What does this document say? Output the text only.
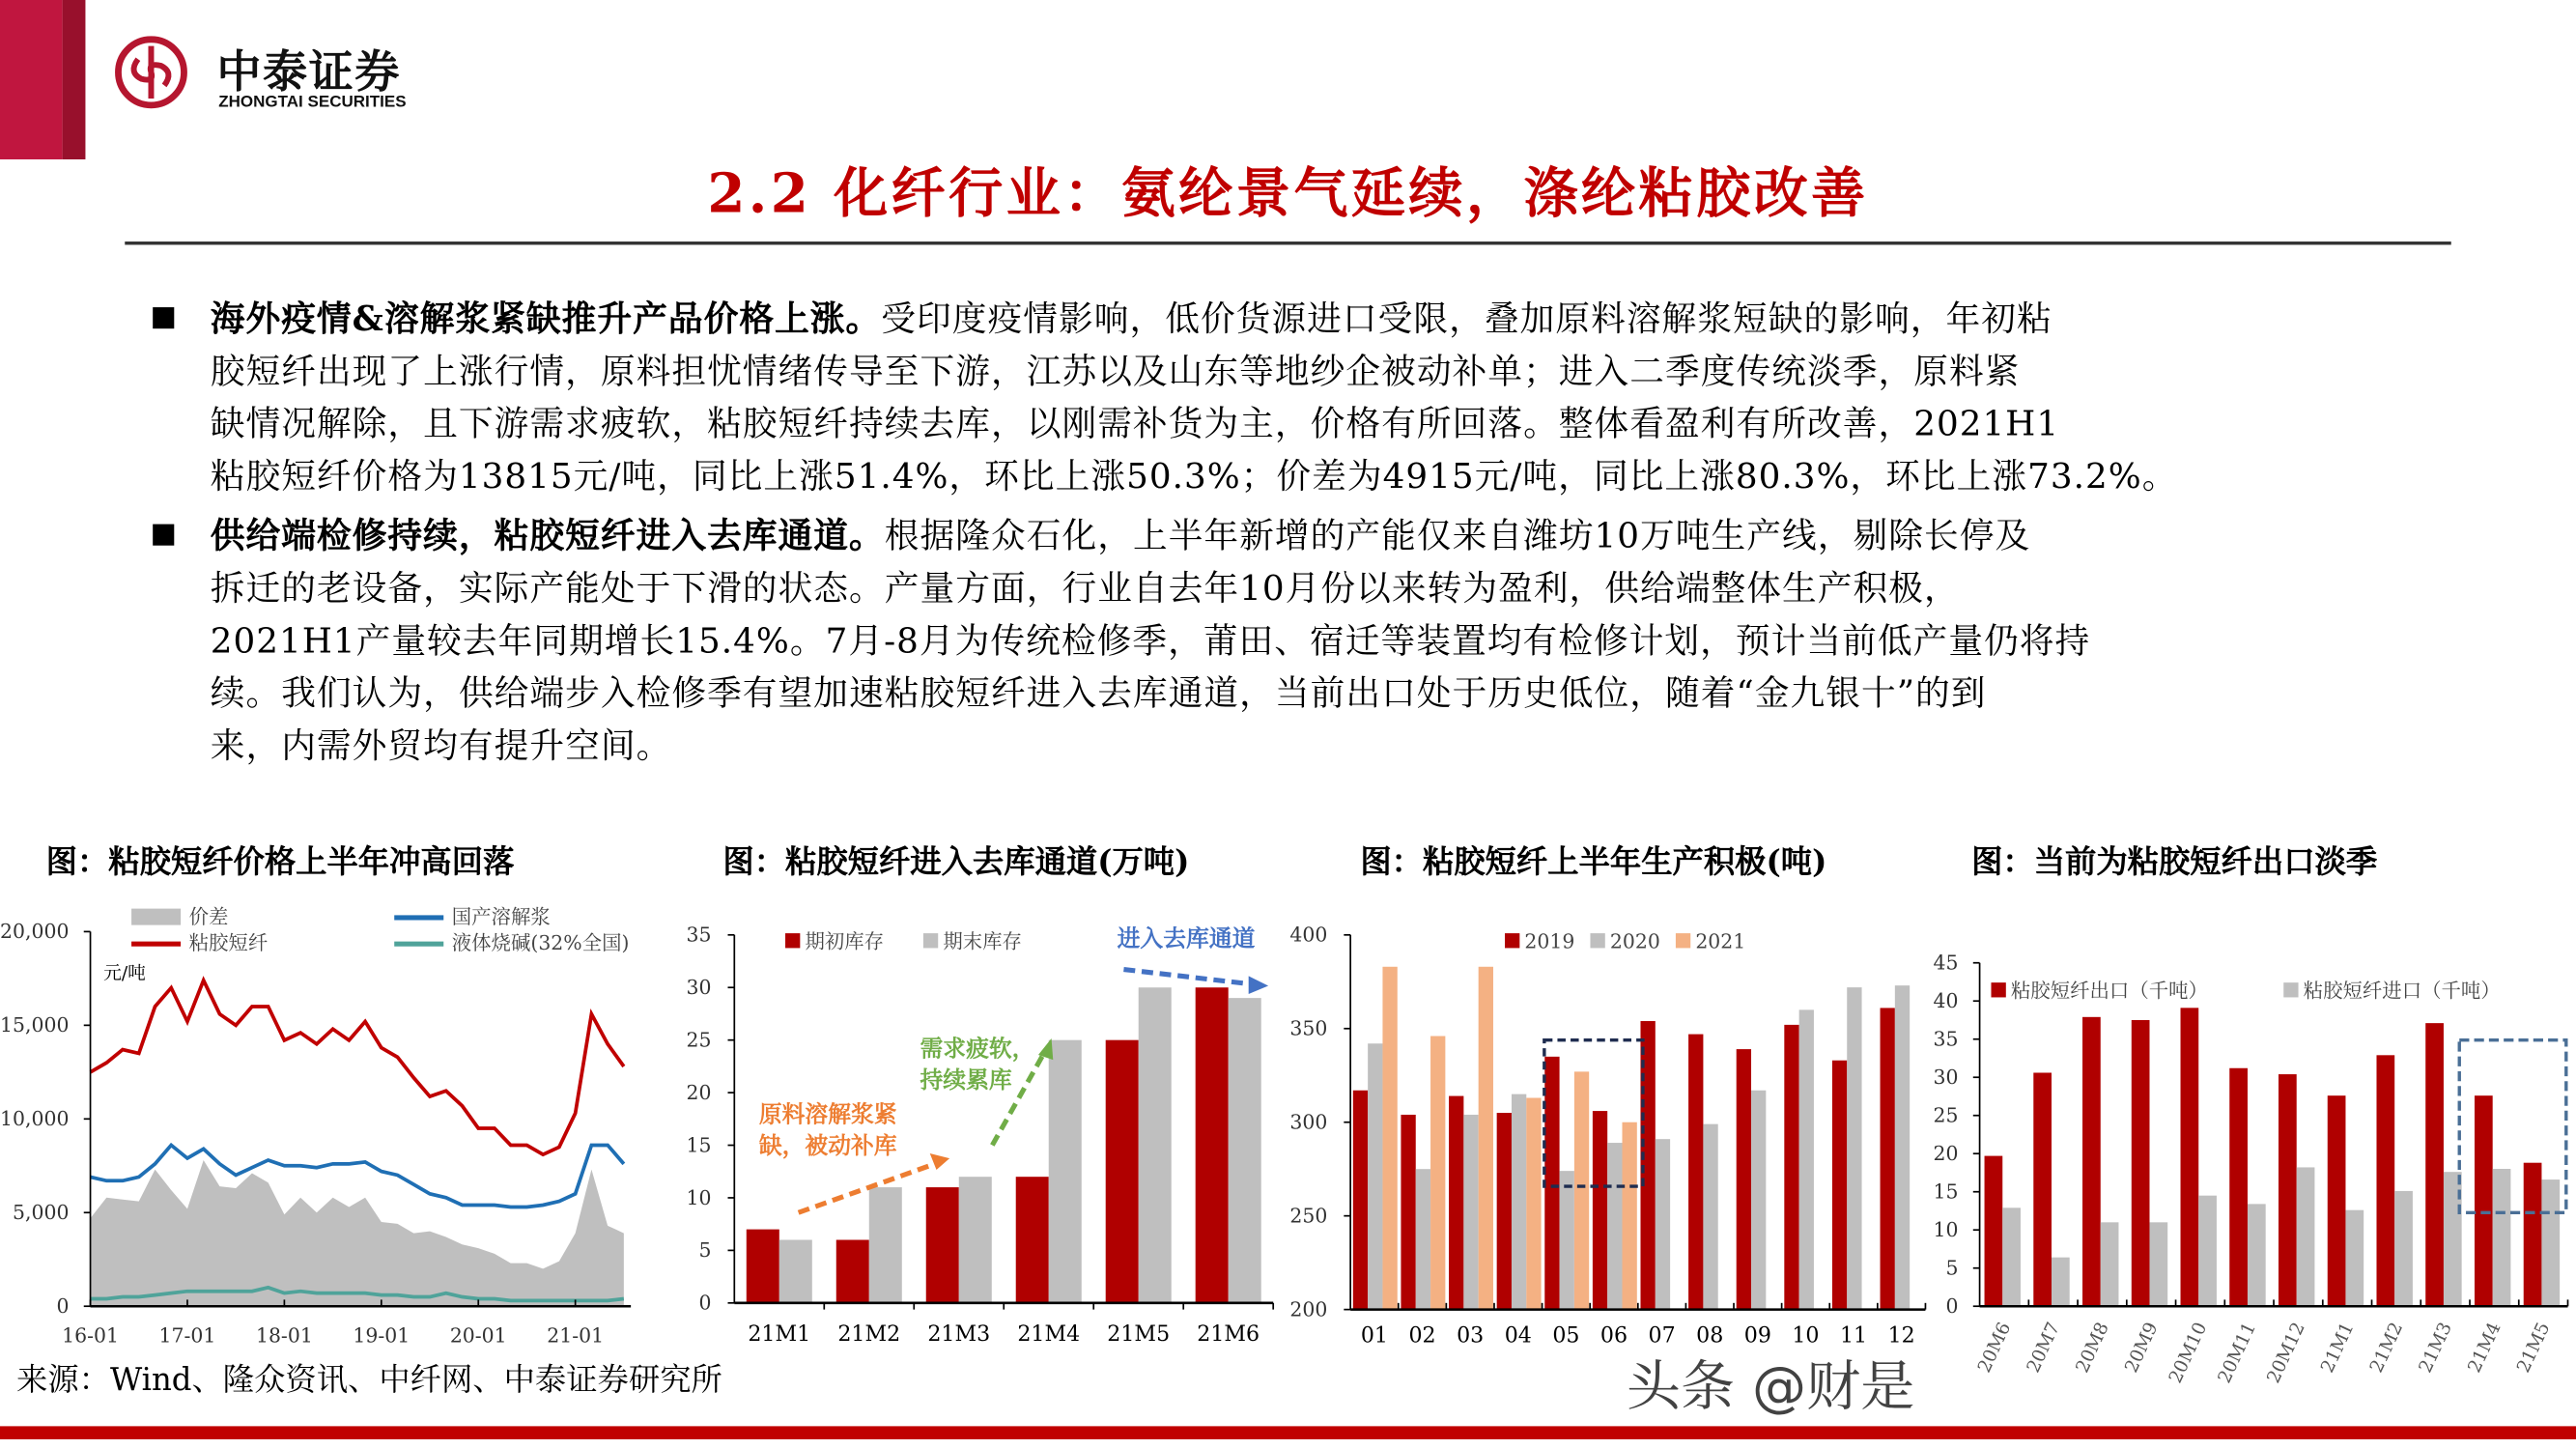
中泰证券
ZHONGTAI SECURITIES
2.2 化纤行业：氨纶景气延续，涤纶粘胶改善
海外疫情&溶解浆紧缺推升产品价格上涨。受印度疫情影响，低价货源进口受限，叠加原料溶解浆短缺的影响，年初粘
胶短纤出现了上涨行情，原料担忧情绪传导至下游，江苏以及山东等地纱企被动补单；进入二季度传统淡季，原料紧
缺情况解除，且下游需求疲软，粘胶短纤持续去库，以刚需补货为主，价格有所回落。整体看盈利有所改善，2021H1
粘胶短纤价格为13815元/吨，同比上涨51.4%，环比上涨50.3%；价差为4915元/吨，同比上涨80.3%，环比上涨73.2%。
供给端检修持续，粘胶短纤进入去库通道。根据隆众石化，上半年新增的产能仅来自潍坊10万吨生产线，剔除长停及
拆迁的老设备，实际产能处于下滑的状态。产量方面，行业自去年10月份以来转为盈利，供给端整体生产积极，
2021H1产量较去年同期增长15.4%。7月-8月为传统检修季，莆田、宿迁等装置均有检修计划，预计当前低产量仍将持
续。我们认为，供给端步入检修季有望加速粘胶短纤进入去库通道，当前出口处于历史低位，随着“金九银十”的到
来，内需外贸均有提升空间。
图：粘胶短纤价格上半年冲高回落	图：粘胶短纤进入去库通道(万吨)	图：粘胶短纤上半年生产积极(吨)	图：当前为粘胶短纤出口淡季
0
5,000
10,000
15,000
20,000
16-01	17-01	18-01	19-01	20-01	21-01
元/吨
价差	国产溶解浆
粘胶短纤	液体烧碱(32%全国)
21M1 21M2 21M3 21M4 21M5 21M6
0
5
10
15
20
25
30
35	期初库存	期末库存
原料溶解浆紧
缺，被动补库
需求疲软，
持续累库
进入去库通道
01 02 03 04 05 06 07 08 09 10 11 12
200
250
300
350
400	2019	2020	2021
20M6 20M7 20M8 20M9 20M10 20M11 20M12 21M1 21M2 21M3 21M4 21M5
0
5
10
15
20
25
30
35
40
45
粘胶短纤出口（千吨）	粘胶短纤进口（千吨）
来源：Wind、隆众资讯、中纤网、中泰证券研究所	头条 @财是
